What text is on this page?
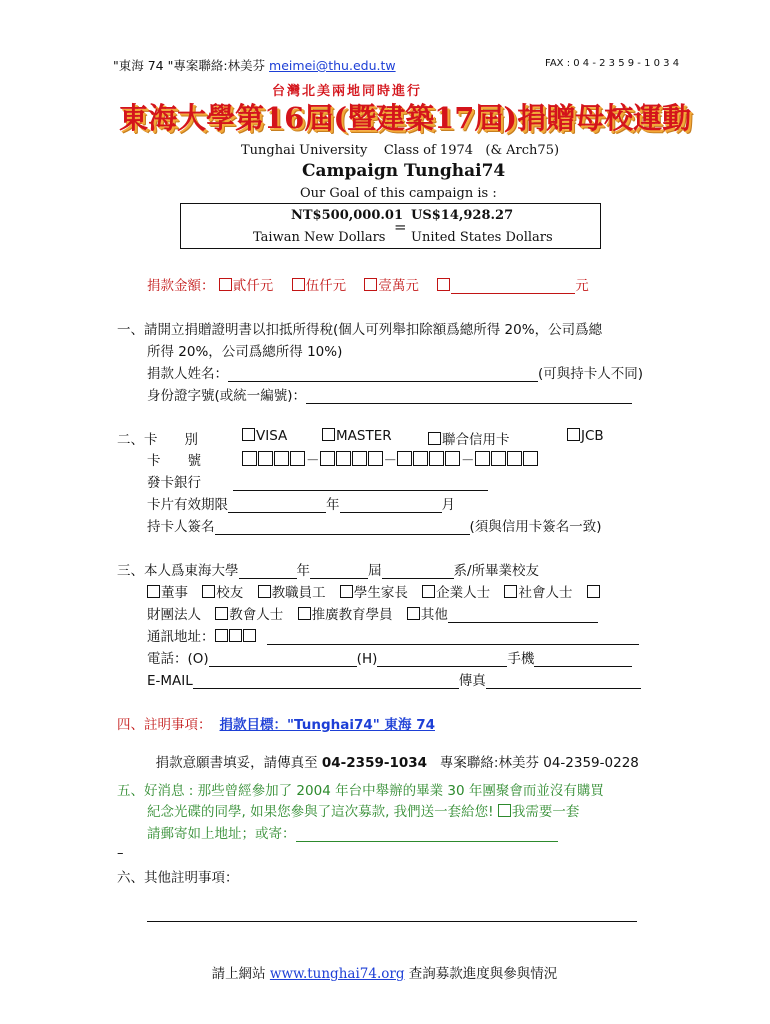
"東海 74 "專案聯絡:林美芬 meimei@thu.edu.tw	FAX : 0 4 - 2 3 5 9 - 1 0 3 4
台灣北美兩地同時進行
東海大學第16屆(暨建築17屆)捐贈母校運動
Tunghai University    Class of 1974   (& Arch75)
Campaign Tunghai74
Our Goal of this campaign is :
NT$500,000.01
Taiwan New Dollars
=
US$14,928.27
United States Dollars
捐款金額： 貳仟元 伍仟元 壹萬元	元
一、請開立捐贈證明書以扣抵所得稅(個人可列舉扣除額爲總所得 20%，公司爲總
所得 20%，公司爲總所得 10%)
捐款人姓名：	(可與持卡人不同)
身份證字號(或統一編號)：
二、卡　　別	VISA	MASTER	聯合信用卡	JCB
卡　　號	－	－	－
發卡銀行
卡片有效期限	年	月
持卡人簽名	(須與信用卡簽名一致)
三、本人爲東海大學	年	屆	系/所畢業校友
董事 校友 教職員工 學生家長 企業人士 社會人士
財團法人 教會人士 推廣教育學員 其他
通訊地址：
電話：(O)	(H)	手機
E-MAIL	傳真
四、註明事項： 捐款目標："Tunghai74" 東海 74

捐款意願書填妥，請傳真至 04-2359-1034   專案聯絡:林美芬 04-2359-0228

五、好消息 : 那些曾經參加了 2004 年台中舉辦的畢業 30 年團聚會而並沒有購買
紀念光碟的同學, 如果您參與了這次募款, 我們送一套給您! 我需要一套
請郵寄如上地址；或寄：
–
六、其他註明事項：

請上網站 www.tunghai74.org 查詢募款進度與參與情況
